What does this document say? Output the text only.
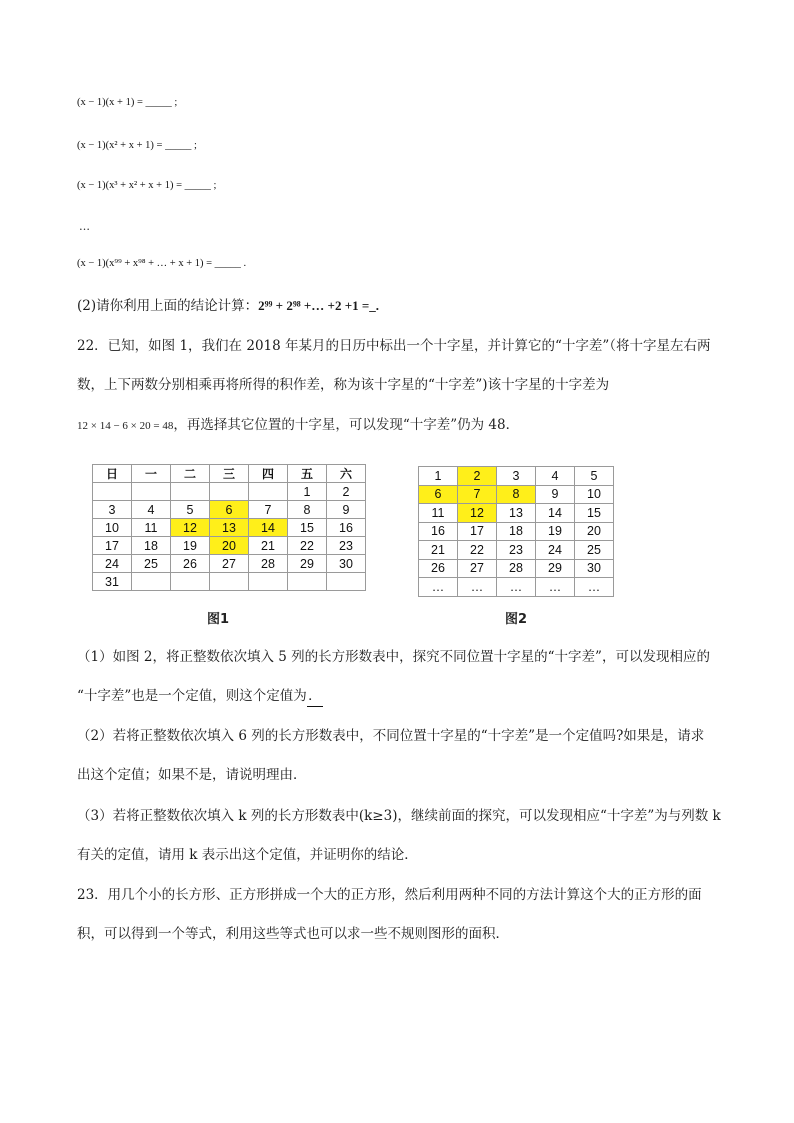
(x − 1)(x + 1) = _____ ;
(x − 1)(x² + x + 1) = _____ ;
(x − 1)(x³ + x² + x + 1) = _____ ;
…
(x − 1)(x⁹⁹ + x⁹⁸ + … + x + 1) = _____ .
(2)请你利用上面的结论计算：2⁹⁹ + 2⁹⁸ +… +2 +1 =_.
22．已知，如图 1，我们在 2018 年某月的日历中标出一个十字星，并计算它的“十字差”（将十字星左右两
数，上下两数分别相乘再将所得的积作差，称为该十字星的“十字差”)该十字星的十字差为
12 × 14 − 6 × 20 = 48，再选择其它位置的十字星，可以发现“十字差”仍为 48．
日	一	二	三	四	五	六
					1	2
3	4	5	6	7	8	9
10	11	12	13	14	15	16
17	18	19	20	21	22	23
24	25	26	27	28	29	30
31						
图1
1	2	3	4	5
6	7	8	9	10
11	12	13	14	15
16	17	18	19	20
21	22	23	24	25
26	27	28	29	30
…	…	…	…	…
图2
（1）如图 2，将正整数依次填入 5 列的长方形数表中，探究不同位置十字星的“十字差”，可以发现相应的
“十字差”也是一个定值，则这个定值为．
（2）若将正整数依次填入 6 列的长方形数表中，不同位置十字星的“十字差”是一个定值吗?如果是，请求
出这个定值；如果不是，请说明理由．
（3）若将正整数依次填入 k 列的长方形数表中(k≥3)，继续前面的探究，可以发现相应“十字差”为与列数 k
有关的定值，请用 k 表示出这个定值，并证明你的结论．
23．用几个小的长方形、正方形拼成一个大的正方形，然后利用两种不同的方法计算这个大的正方形的面
积，可以得到一个等式，利用这些等式也可以求一些不规则图形的面积．
